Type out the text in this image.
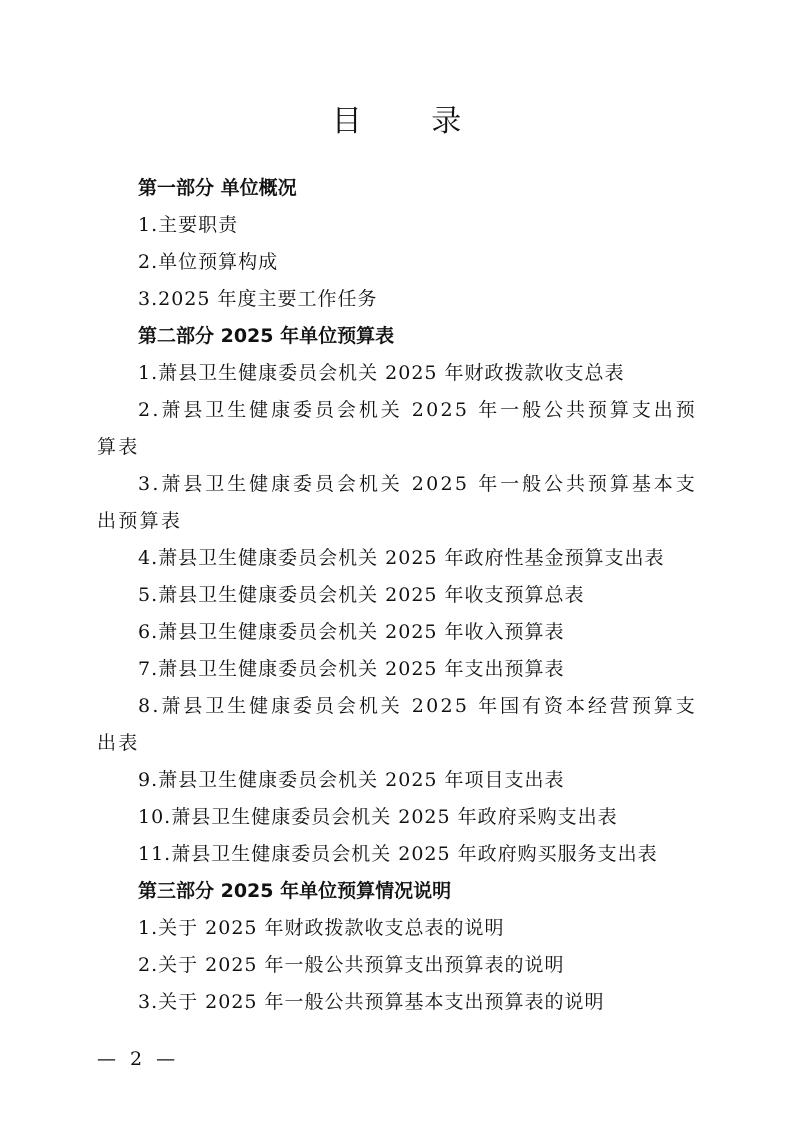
目 录
第一部分 单位概况
1.主要职责
2.单位预算构成
3.2025 年度主要工作任务
第二部分 2025 年单位预算表
1.萧县卫生健康委员会机关 2025 年财政拨款收支总表
2.萧县卫生健康委员会机关 2025 年一般公共预算支出预算表
3.萧县卫生健康委员会机关 2025 年一般公共预算基本支出预算表
4.萧县卫生健康委员会机关 2025 年政府性基金预算支出表
5.萧县卫生健康委员会机关 2025 年收支预算总表
6.萧县卫生健康委员会机关 2025 年收入预算表
7.萧县卫生健康委员会机关 2025 年支出预算表
8.萧县卫生健康委员会机关 2025 年国有资本经营预算支出表
9.萧县卫生健康委员会机关 2025 年项目支出表
10.萧县卫生健康委员会机关 2025 年政府采购支出表
11.萧县卫生健康委员会机关 2025 年政府购买服务支出表
第三部分 2025 年单位预算情况说明
1.关于 2025 年财政拨款收支总表的说明
2.关于 2025 年一般公共预算支出预算表的说明
3.关于 2025 年一般公共预算基本支出预算表的说明
— 2 —
